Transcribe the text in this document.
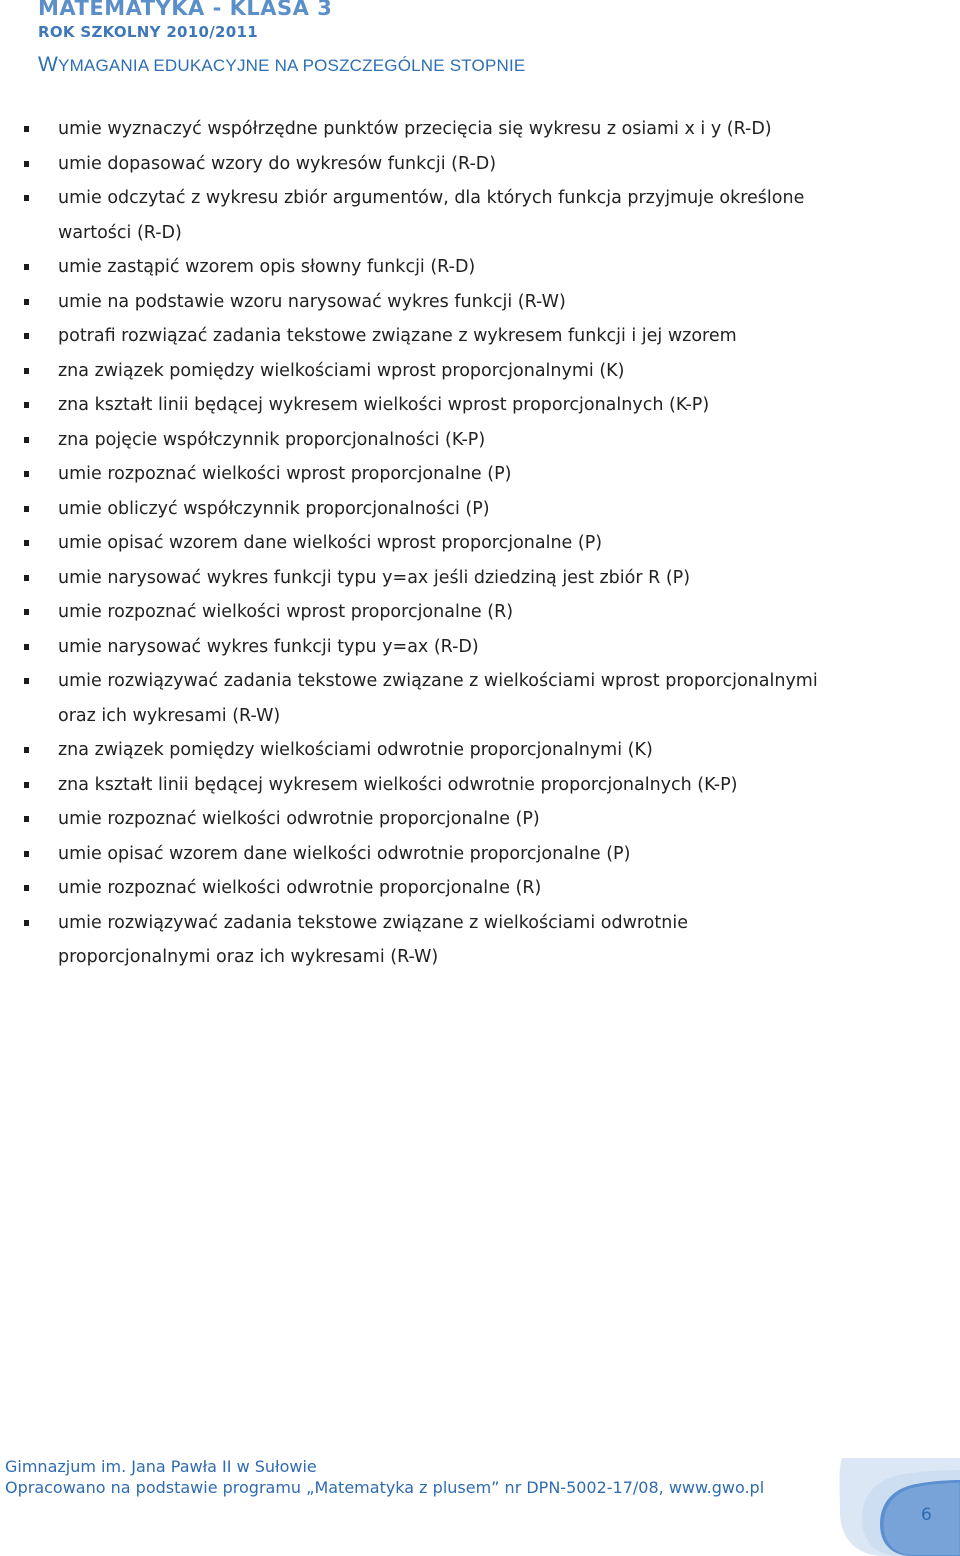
MATEMATYKA - KLASA 3
ROK SZKOLNY 2010/2011
WYMAGANIA EDUKACYJNE NA POSZCZEGÓLNE STOPNIE
umie wyznaczyć współrzędne punktów przecięcia się wykresu z osiami x i y (R-D)
umie dopasować wzory do wykresów funkcji (R-D)
umie odczytać z wykresu zbiór argumentów, dla których funkcja przyjmuje określone wartości (R-D)
umie zastąpić wzorem opis słowny funkcji (R-D)
umie na podstawie wzoru narysować wykres funkcji (R-W)
potrafi rozwiązać zadania tekstowe związane z wykresem funkcji i jej wzorem
zna związek pomiędzy wielkościami wprost proporcjonalnymi (K)
zna kształt linii będącej wykresem wielkości wprost proporcjonalnych (K-P)
zna pojęcie współczynnik proporcjonalności (K-P)
umie rozpoznać wielkości wprost proporcjonalne (P)
umie obliczyć współczynnik proporcjonalności (P)
umie opisać wzorem dane wielkości wprost proporcjonalne (P)
umie narysować wykres funkcji typu y=ax jeśli dziedziną jest zbiór R (P)
umie rozpoznać wielkości wprost proporcjonalne (R)
umie narysować wykres funkcji typu y=ax (R-D)
umie rozwiązywać zadania tekstowe związane z wielkościami wprost proporcjonalnymi oraz ich wykresami (R-W)
zna związek pomiędzy wielkościami odwrotnie proporcjonalnymi (K)
zna kształt linii będącej wykresem wielkości odwrotnie proporcjonalnych (K-P)
umie rozpoznać wielkości odwrotnie proporcjonalne (P)
umie opisać wzorem dane wielkości odwrotnie proporcjonalne (P)
umie rozpoznać wielkości odwrotnie proporcjonalne (R)
umie rozwiązywać zadania tekstowe związane z wielkościami odwrotnie proporcjonalnymi oraz ich wykresami (R-W)
Gimnazjum im. Jana Pawła II w Sułowie
Opracowano na podstawie programu „Matematyka z plusem” nr DPN-5002-17/08, www.gwo.pl
6
